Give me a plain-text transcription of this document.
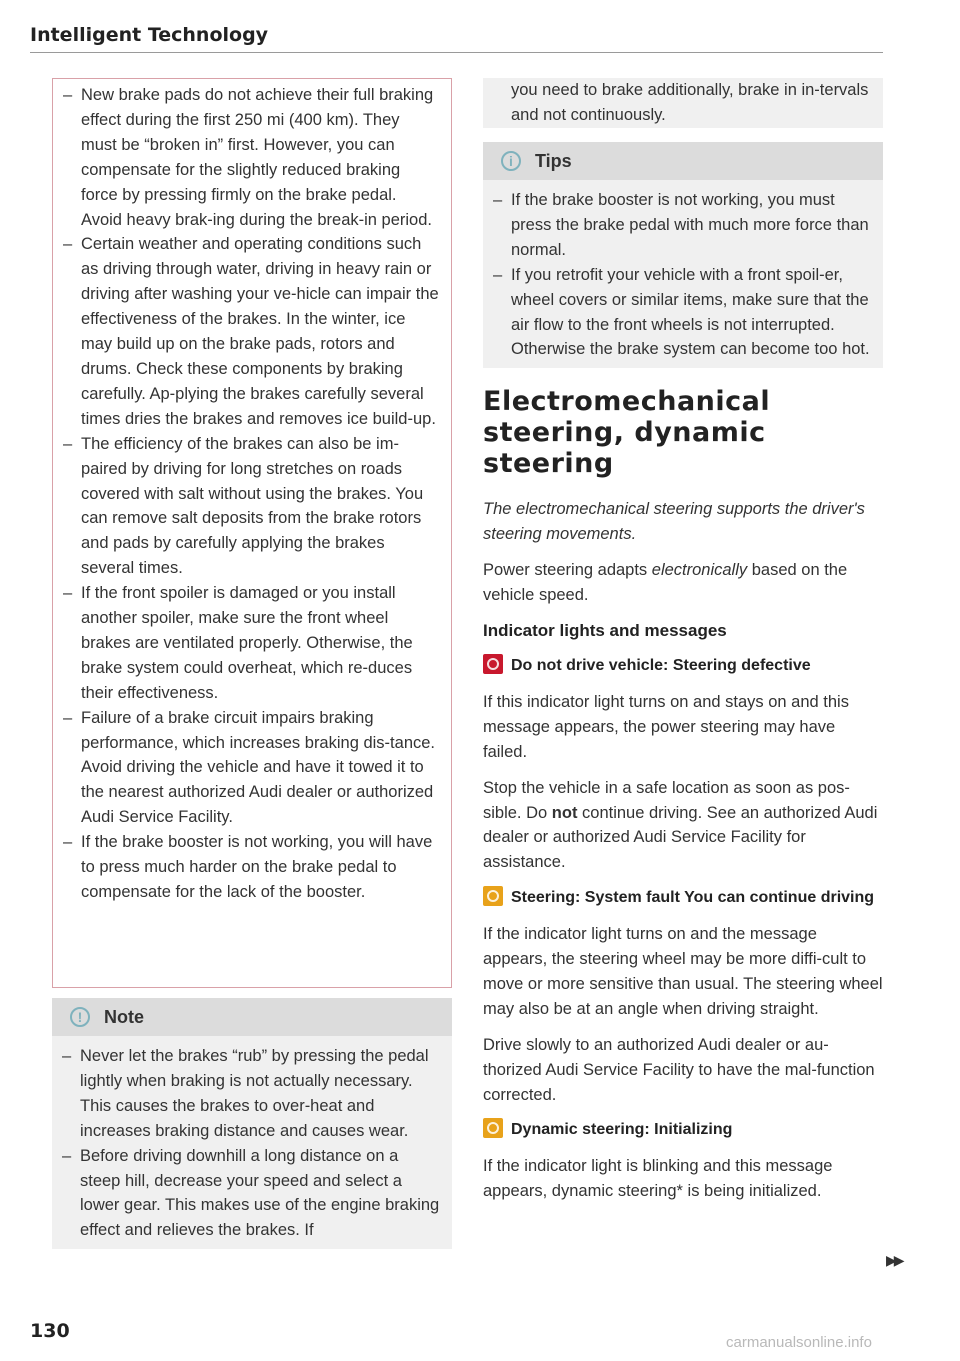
Intelligent Technology
– New brake pads do not achieve their full braking effect during the first 250 mi (400 km). They must be “broken in” first. However, you can compensate for the slightly reduced braking force by pressing firmly on the brake pedal. Avoid heavy brak-ing during the break-in period.
– Certain weather and operating conditions such as driving through water, driving in heavy rain or driving after washing your ve-hicle can impair the effectiveness of the brakes. In the winter, ice may build up on the brake pads, rotors and drums. Check these components by braking carefully. Ap-plying the brakes carefully several times dries the brakes and removes ice build-up.
– The efficiency of the brakes can also be im-paired by driving for long stretches on roads covered with salt without using the brakes. You can remove salt deposits from the brake rotors and pads by carefully applying the brakes several times.
– If the front spoiler is damaged or you install another spoiler, make sure the front wheel brakes are ventilated properly. Otherwise, the brake system could overheat, which re-duces their effectiveness.
– Failure of a brake circuit impairs braking performance, which increases braking dis-tance. Avoid driving the vehicle and have it towed it to the nearest authorized Audi dealer or authorized Audi Service Facility.
– If the brake booster is not working, you will have to press much harder on the brake pedal to compensate for the lack of the booster.
!	Note
– Never let the brakes “rub” by pressing the pedal lightly when braking is not actually necessary. This causes the brakes to over-heat and increases braking distance and causes wear.
– Before driving downhill a long distance on a steep hill, decrease your speed and select a lower gear. This makes use of the engine braking effect and relieves the brakes. If
you need to brake additionally, brake in in-tervals and not continuously.
i	Tips
– If the brake booster is not working, you must press the brake pedal with much more force than normal.
– If you retrofit your vehicle with a front spoil-er, wheel covers or similar items, make sure that the air flow to the front wheels is not interrupted. Otherwise the brake system can become too hot.
Electromechanical steering, dynamic steering

The electromechanical steering supports the driver's steering movements.

Power steering adapts electronically based on the vehicle speed.

Indicator lights and messages
Do not drive vehicle: Steering defective

If this indicator light turns on and stays on and this message appears, the power steering may have failed.

Stop the vehicle in a safe location as soon as pos-sible. Do not continue driving. See an authorized Audi dealer or authorized Audi Service Facility for assistance.

Steering: System fault You can continue driving

If the indicator light turns on and the message appears, the steering wheel may be more diffi-cult to move or more sensitive than usual. The steering wheel may also be at an angle when driving straight.

Drive slowly to an authorized Audi dealer or au-thorized Audi Service Facility to have the mal-function corrected.

Dynamic steering: Initializing

If the indicator light is blinking and this message appears, dynamic steering* is being initialized.

▶▶
130
carmanualsonline.info
